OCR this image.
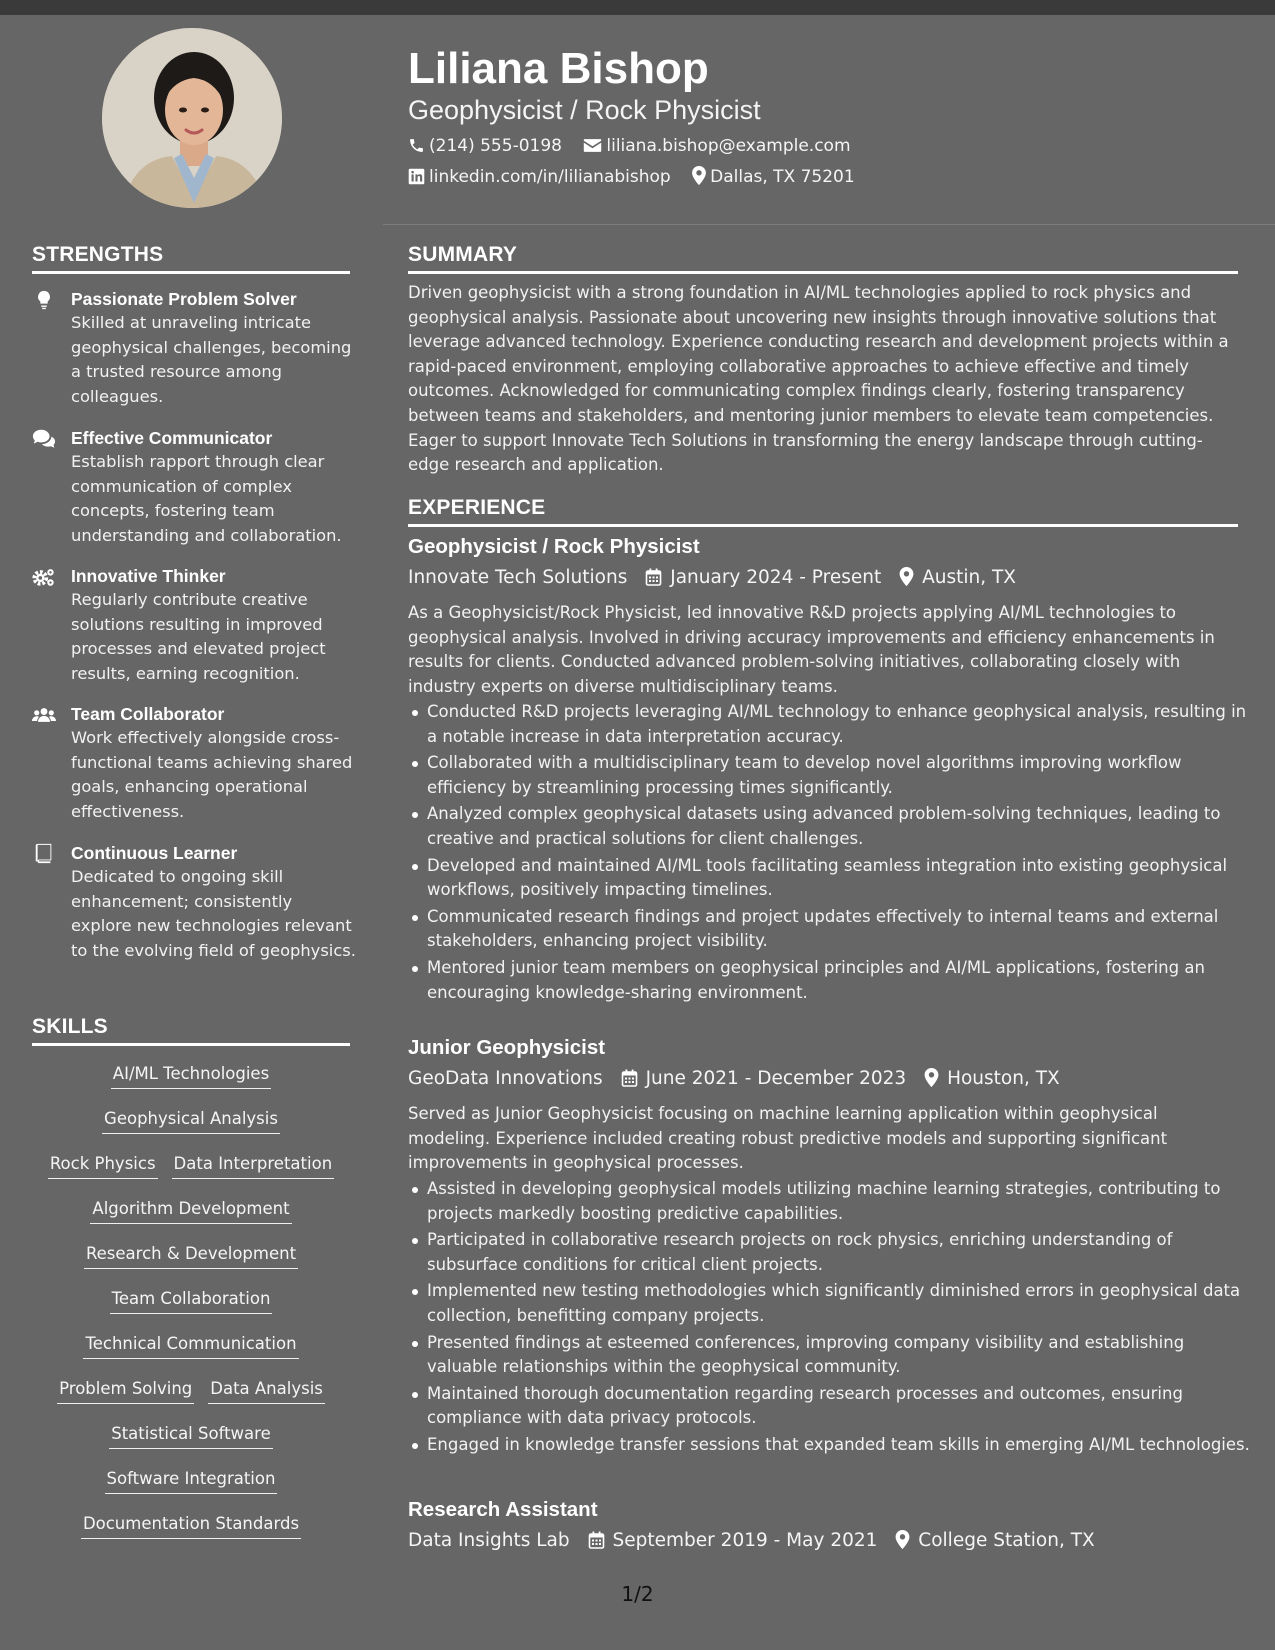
Liliana Bishop
Geophysicist / Rock Physicist
(214) 555-0198	liliana.bishop@example.com
linkedin.com/in/lilianabishop Dallas, TX 75201
STRENGTHS
Passionate Problem Solver
Skilled at unraveling intricate geophysical challenges, becoming a trusted resource among colleagues.
Effective Communicator
Establish rapport through clear communication of complex concepts, fostering team understanding and collaboration.
Innovative Thinker
Regularly contribute creative solutions resulting in improved processes and elevated project results, earning recognition.
Team Collaborator
Work effectively alongside cross-functional teams achieving shared goals, enhancing operational effectiveness.
Continuous Learner
Dedicated to ongoing skill enhancement; consistently explore new technologies relevant to the evolving field of geophysics.
SKILLS
AI/ML Technologies
Geophysical Analysis
Rock Physics Data Interpretation
Algorithm Development
Research & Development
Team Collaboration
Technical Communication
Problem Solving Data Analysis
Statistical Software
Software Integration
Documentation Standards
SUMMARY
Driven geophysicist with a strong foundation in AI/ML technologies applied to rock physics and geophysical analysis. Passionate about uncovering new insights through innovative solutions that leverage advanced technology. Experience conducting research and development projects within a rapid-paced environment, employing collaborative approaches to achieve effective and timely outcomes. Acknowledged for communicating complex findings clearly, fostering transparency between teams and stakeholders, and mentoring junior members to elevate team competencies. Eager to support Innovate Tech Solutions in transforming the energy landscape through cutting-edge research and application.
EXPERIENCE
Geophysicist / Rock Physicist
Innovate Tech Solutions January 2024 - Present Austin, TX
As a Geophysicist/Rock Physicist, led innovative R&D projects applying AI/ML technologies to geophysical analysis. Involved in driving accuracy improvements and efficiency enhancements in results for clients. Conducted advanced problem-solving initiatives, collaborating closely with industry experts on diverse multidisciplinary teams.
Conducted R&D projects leveraging AI/ML technology to enhance geophysical analysis, resulting in a notable increase in data interpretation accuracy.
Collaborated with a multidisciplinary team to develop novel algorithms improving workflow efficiency by streamlining processing times significantly.
Analyzed complex geophysical datasets using advanced problem-solving techniques, leading to creative and practical solutions for client challenges.
Developed and maintained AI/ML tools facilitating seamless integration into existing geophysical workflows, positively impacting timelines.
Communicated research findings and project updates effectively to internal teams and external stakeholders, enhancing project visibility.
Mentored junior team members on geophysical principles and AI/ML applications, fostering an encouraging knowledge-sharing environment.
Junior Geophysicist
GeoData Innovations June 2021 - December 2023 Houston, TX
Served as Junior Geophysicist focusing on machine learning application within geophysical modeling. Experience included creating robust predictive models and supporting significant improvements in geophysical processes.
Assisted in developing geophysical models utilizing machine learning strategies, contributing to projects markedly boosting predictive capabilities.
Participated in collaborative research projects on rock physics, enriching understanding of subsurface conditions for critical client projects.
Implemented new testing methodologies which significantly diminished errors in geophysical data collection, benefitting company projects.
Presented findings at esteemed conferences, improving company visibility and establishing valuable relationships within the geophysical community.
Maintained thorough documentation regarding research processes and outcomes, ensuring compliance with data privacy protocols.
Engaged in knowledge transfer sessions that expanded team skills in emerging AI/ML technologies.
Research Assistant
Data Insights Lab September 2019 - May 2021 College Station, TX
1/2
